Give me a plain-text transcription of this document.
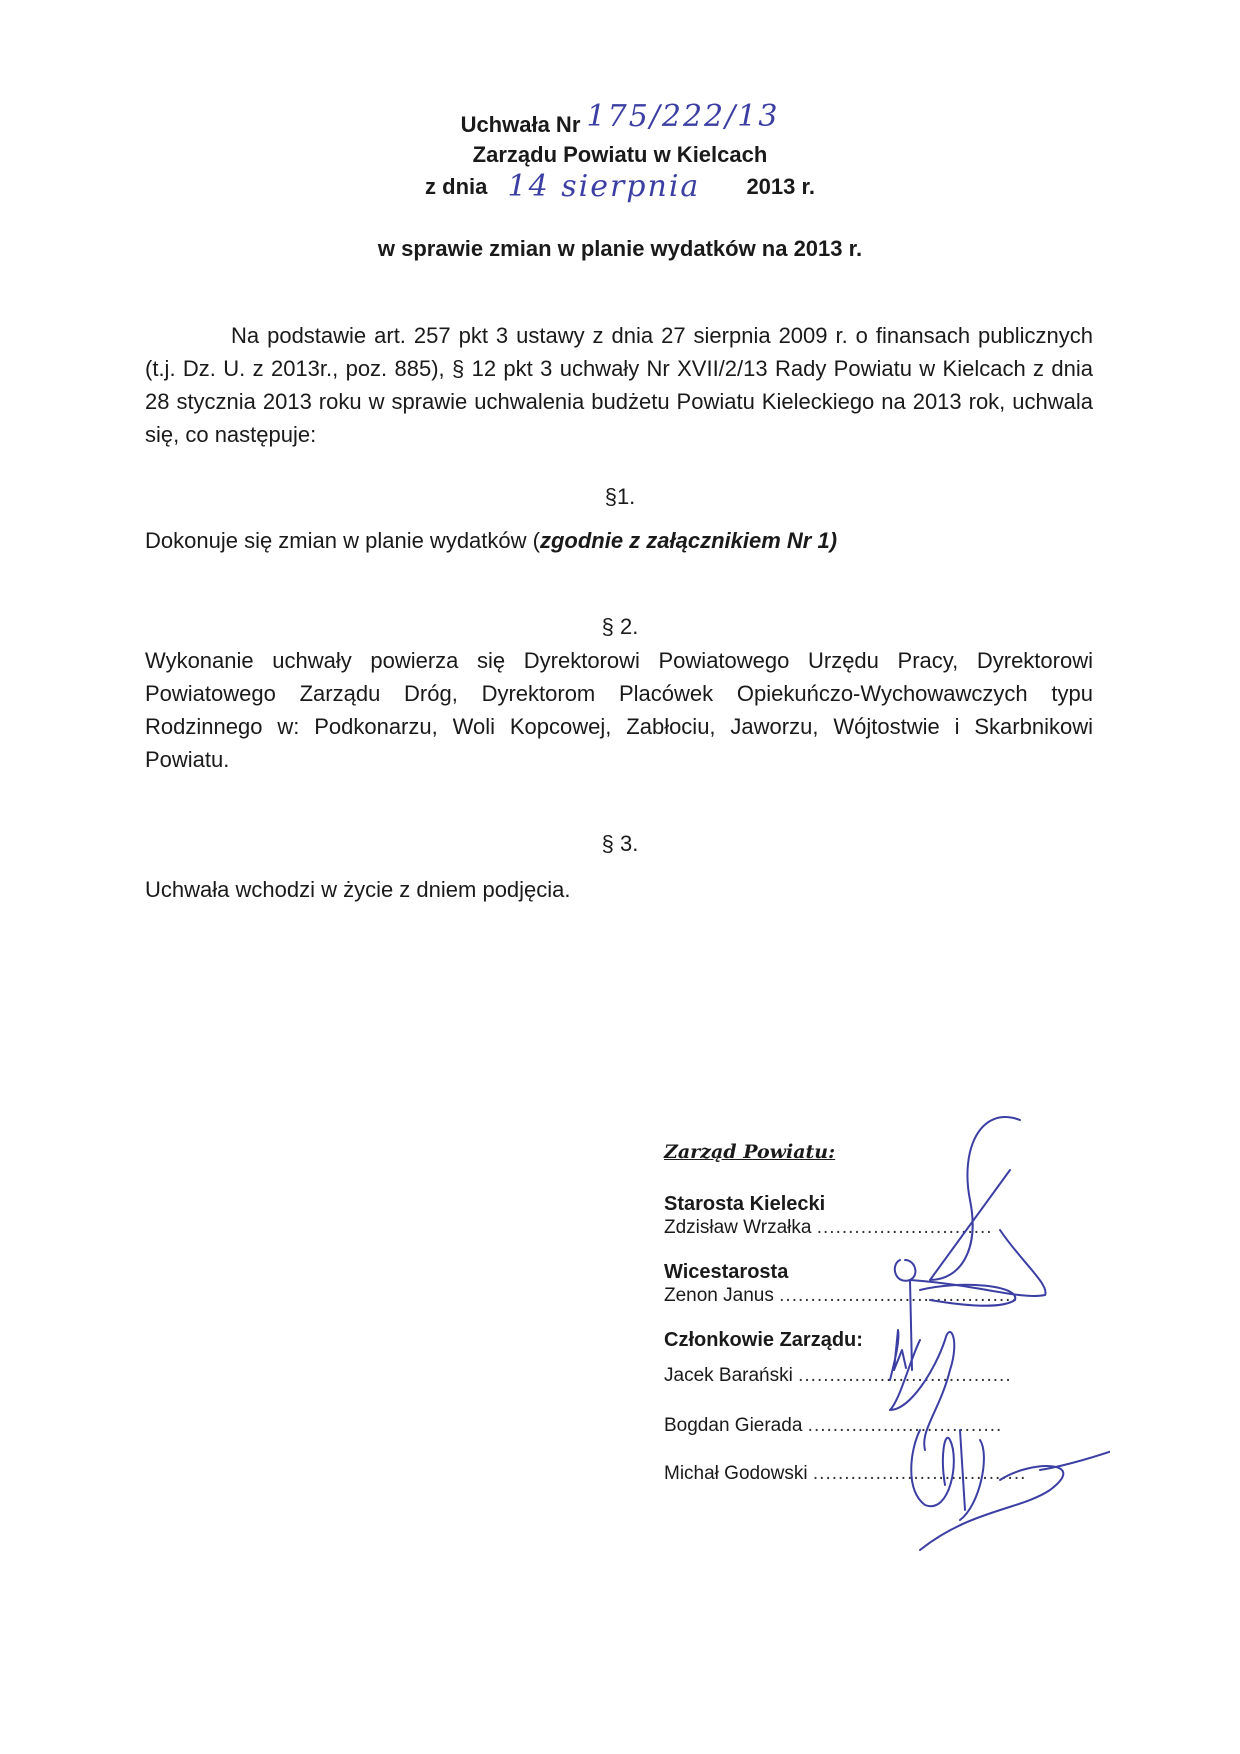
Uchwała Nr 175/222/13
Zarządu Powiatu w Kielcach
z dnia 14 sierpnia 2013 r.
w sprawie zmian w planie wydatków na 2013 r.
Na podstawie art. 257 pkt 3 ustawy z dnia 27 sierpnia 2009 r. o finansach publicznych (t.j. Dz. U. z 2013r., poz. 885), § 12 pkt 3 uchwały Nr XVII/2/13 Rady Powiatu w Kielcach z dnia 28 stycznia 2013 roku w sprawie uchwalenia budżetu Powiatu Kieleckiego na 2013 rok, uchwala się, co następuje:
§1.
Dokonuje się zmian w planie wydatków (zgodnie z załącznikiem Nr 1)
§ 2.
Wykonanie uchwały powierza się Dyrektorowi Powiatowego Urzędu Pracy, Dyrektorowi Powiatowego Zarządu Dróg, Dyrektorom Placówek Opiekuńczo-Wychowawczych typu Rodzinnego w: Podkonarzu, Woli Kopcowej, Zabłociu, Jaworzu, Wójtostwie i Skarbnikowi Powiatu.
§ 3.
Uchwała wchodzi w życie z dniem podjęcia.
Zarząd Powiatu:
Starosta Kielecki
Zdzisław Wrzałka ............................
Wicestarosta
Zenon Janus ......................................
Członkowie Zarządu:
Jacek Barański ..................................
Bogdan Gierada ...............................
Michał Godowski ..................................
